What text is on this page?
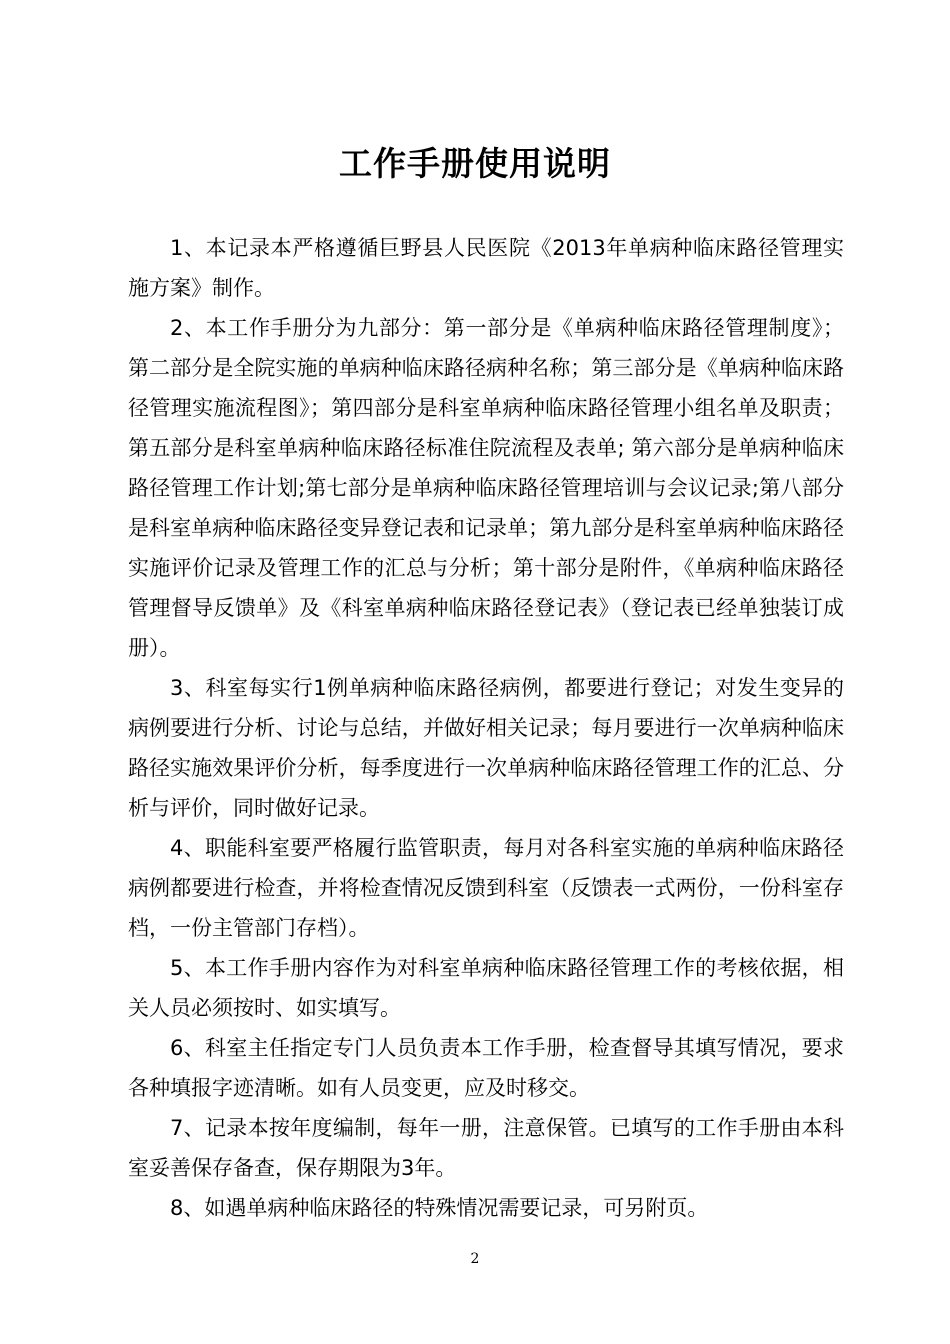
工作手册使用说明

1、本记录本严格遵循巨野县人民医院《2013年单病种临床路径管理实施方案》制作。

2、本工作手册分为九部分：第一部分是《单病种临床路径管理制度》；第二部分是全院实施的单病种临床路径病种名称；第三部分是《单病种临床路径管理实施流程图》；第四部分是科室单病种临床路径管理小组名单及职责；第五部分是科室单病种临床路径标准住院流程及表单; 第六部分是单病种临床路径管理工作计划;第七部分是单病种临床路径管理培训与会议记录;第八部分是科室单病种临床路径变异登记表和记录单；第九部分是科室单病种临床路径实施评价记录及管理工作的汇总与分析；第十部分是附件，《单病种临床路径管理督导反馈单》及《科室单病种临床路径登记表》（登记表已经单独装订成册）。

3、科室每实行1例单病种临床路径病例，都要进行登记；对发生变异的病例要进行分析、讨论与总结，并做好相关记录；每月要进行一次单病种临床路径实施效果评价分析，每季度进行一次单病种临床路径管理工作的汇总、分析与评价，同时做好记录。

4、职能科室要严格履行监管职责，每月对各科室实施的单病种临床路径病例都要进行检查，并将检查情况反馈到科室（反馈表一式两份，一份科室存档，一份主管部门存档）。

5、本工作手册内容作为对科室单病种临床路径管理工作的考核依据，相关人员必须按时、如实填写。

6、科室主任指定专门人员负责本工作手册，检查督导其填写情况，要求各种填报字迹清晰。如有人员变更，应及时移交。

7、记录本按年度编制，每年一册，注意保管。已填写的工作手册由本科室妥善保存备查，保存期限为3年。

8、如遇单病种临床路径的特殊情况需要记录，可另附页。

2
